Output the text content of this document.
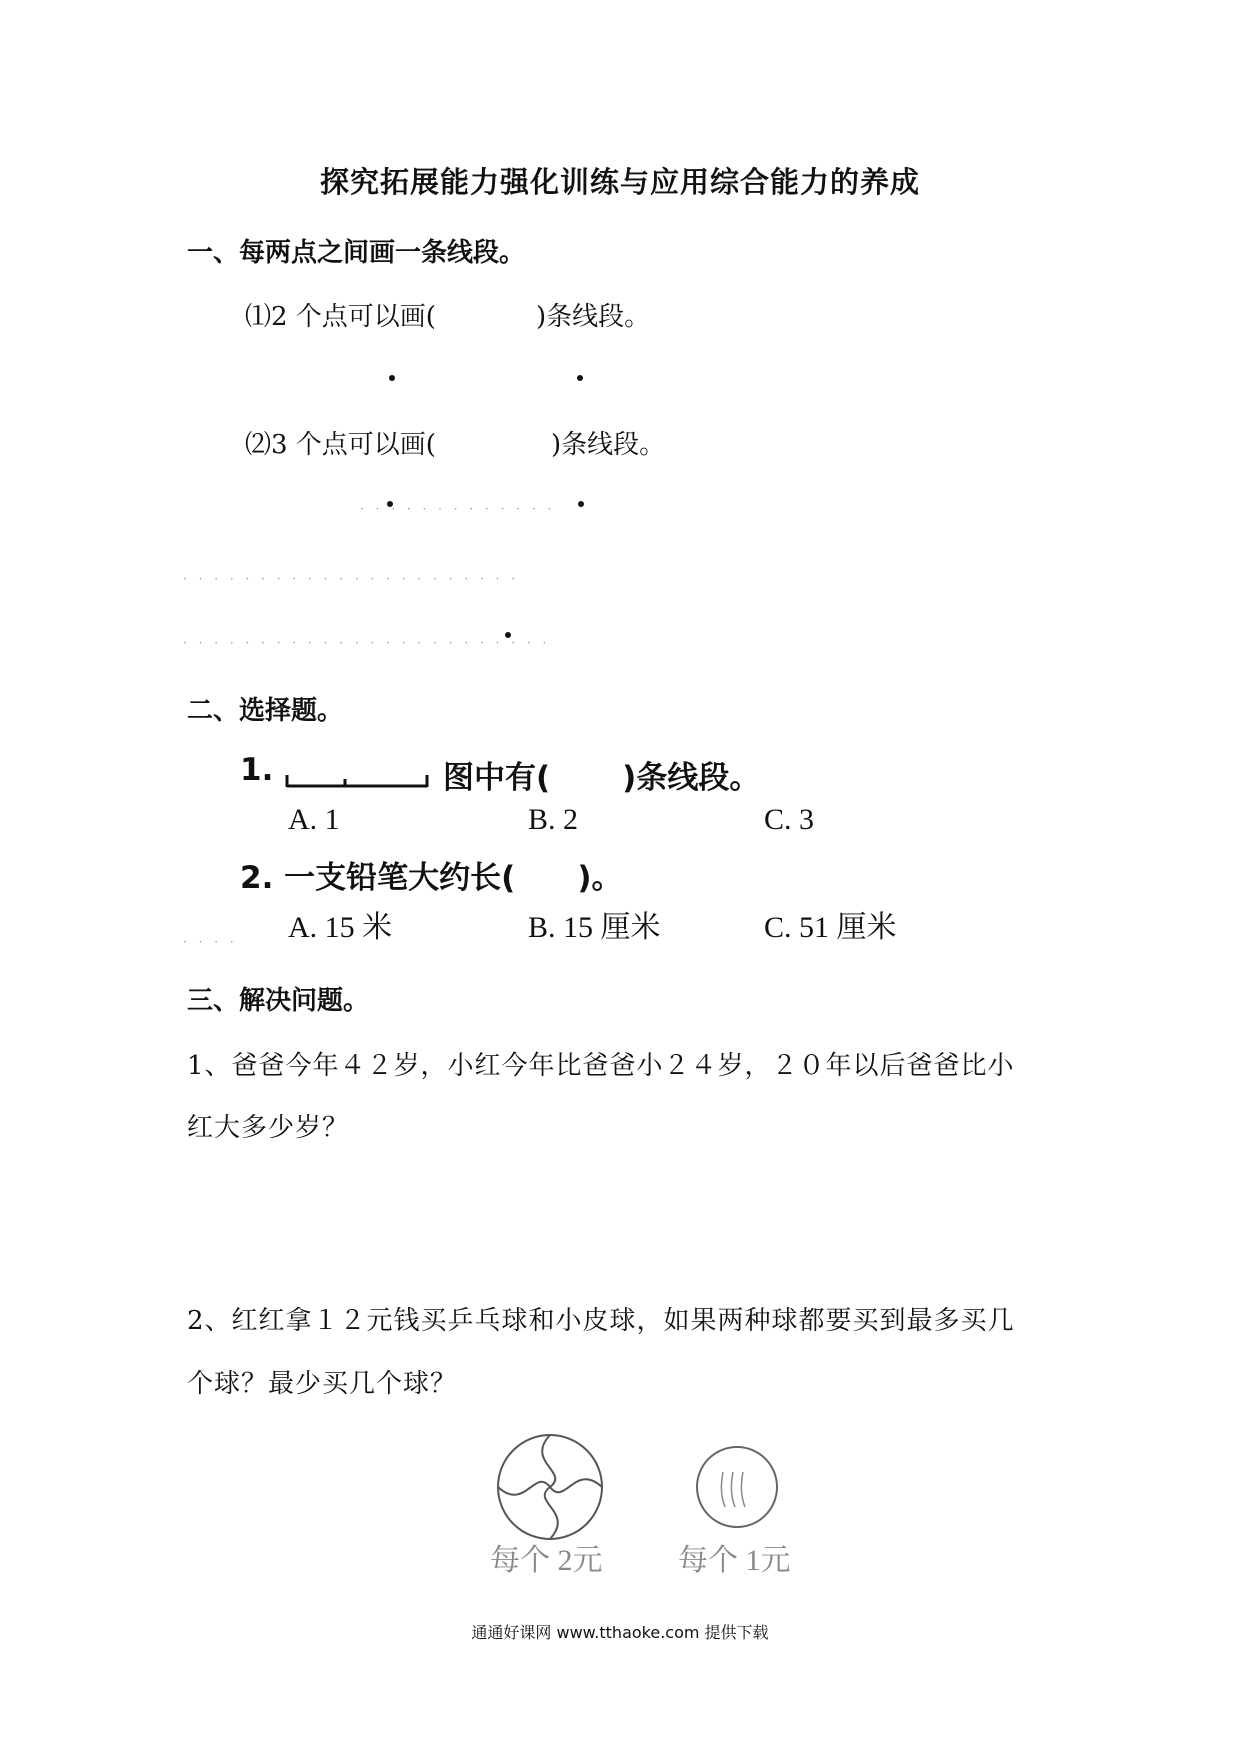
探究拓展能力强化训练与应用综合能力的养成
一、每两点之间画一条线段。
⑴2 个点可以画(	)条线段。
⑵3 个点可以画(	)条线段。
· · · · · · · · · · · · ·
· · · · · · · · · · · · · · · · · · · · · ·
· · · · · · · · · · · · · · · · · · · · · · · ·
二、选择题。
1.	图中有( )条线段。
A. 1	B. 2	C. 3
2. 一支铅笔大约长( )。
A. 15 米	B. 15 厘米	C. 51 厘米
· · · ·
三、解决问题。
1、爸爸今年４２岁，小红今年比爸爸小２４岁，２０年以后爸爸比小
红大多少岁？
2、红红拿１２元钱买乒乓球和小皮球，如果两种球都要买到最多买几
个球？最少买几个球？
每个 2元	每个 1元
通通好课网 www.tthaoke.com 提供下载
